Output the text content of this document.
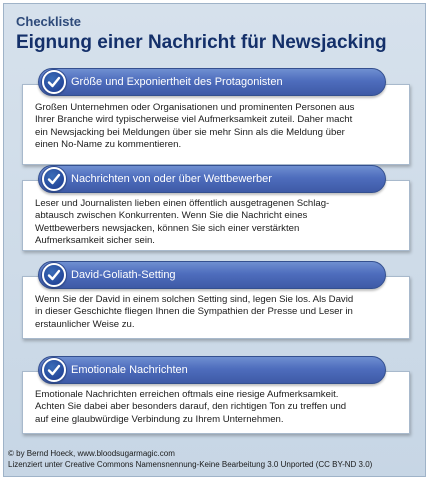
Checkliste
Eignung einer Nachricht für Newsjacking
Großen Unternehmen oder Organisationen und prominenten Personen aus
Ihrer Branche wird typischerweise viel Aufmerksamkeit zuteil. Daher macht
ein Newsjacking bei Meldungen über sie mehr Sinn als die Meldung über
einen No-Name zu kommentieren.
Größe und Exponiertheit des Protagonisten
Leser und Journalisten lieben einen öffentlich ausgetragenen Schlag-
abtausch zwischen Konkurrenten. Wenn Sie die Nachricht eines
Wettbewerbers newsjacken, können Sie sich einer verstärkten
Aufmerksamkeit sicher sein.
Nachrichten von oder über Wettbewerber
Wenn Sie der David in einem solchen Setting sind, legen Sie los. Als David
in dieser Geschichte fliegen Ihnen die Sympathien der Presse und Leser in
erstaunlicher Weise zu.
David-Goliath-Setting
Emotionale Nachrichten erreichen oftmals eine riesige Aufmerksamkeit.
Achten Sie dabei aber besonders darauf, den richtigen Ton zu treffen und
auf eine glaubwürdige Verbindung zu Ihrem Unternehmen.
Emotionale Nachrichten
© by Bernd Hoeck, www.bloodsugarmagic.com
Lizenziert unter Creative Commons Namensnennung-Keine Bearbeitung 3.0 Unported (CC BY-ND 3.0)
